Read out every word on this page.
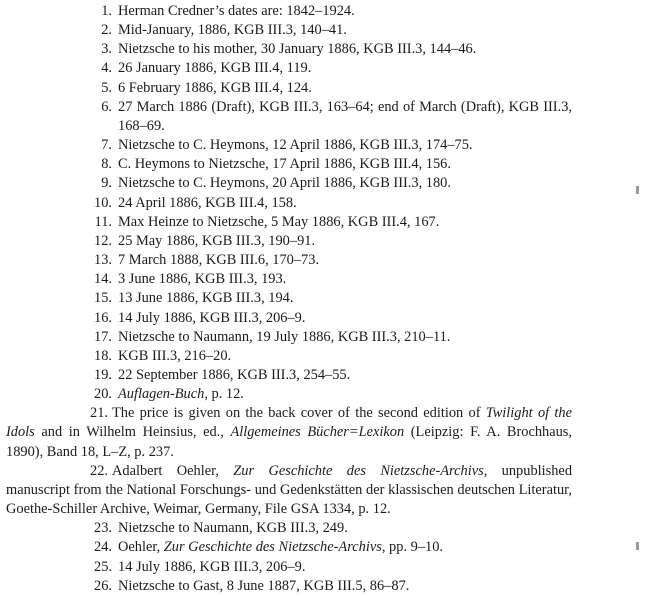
1. Herman Credner’s dates are: 1842–1924.

2. Mid-January, 1886, KGB III.3, 140–41.

3. Nietzsche to his mother, 30 January 1886, KGB III.3, 144–46.

4. 26 January 1886, KGB III.4, 119.

5. 6 February 1886, KGB III.4, 124.

6. 27 March 1886 (Draft), KGB III.3, 163–64; end of March (Draft), KGB III.3, 168–69.

7. Nietzsche to C. Heymons, 12 April 1886, KGB III.3, 174–75.

8. C. Heymons to Nietzsche, 17 April 1886, KGB III.4, 156.

9. Nietzsche to C. Heymons, 20 April 1886, KGB III.3, 180.

10. 24 April 1886, KGB III.4, 158.

11. Max Heinze to Nietzsche, 5 May 1886, KGB III.4, 167.

12. 25 May 1886, KGB III.3, 190–91.

13. 7 March 1888, KGB III.6, 170–73.

14. 3 June 1886, KGB III.3, 193.

15. 13 June 1886, KGB III.3, 194.

16. 14 July 1886, KGB III.3, 206–9.

17. Nietzsche to Naumann, 19 July 1886, KGB III.3, 210–11.

18. KGB III.3, 216–20.

19. 22 September 1886, KGB III.3, 254–55.

20. Auflagen-Buch, p. 12.

21. The price is given on the back cover of the second edition of Twilight of the Idols and in Wilhelm Heinsius, ed., Allgemeines Bücher=Lexikon (Leipzig: F. A. Brochhaus, 1890), Band 18, L–Z, p. 237.

22. Adalbert Oehler, Zur Geschichte des Nietzsche-Archivs, unpublished manuscript from the National Forschungs- und Gedenkstätten der klassischen deutschen Literatur, Goethe-Schiller Archive, Weimar, Germany, File GSA 1334, p. 12.

23. Nietzsche to Naumann, KGB III.3, 249.

24. Oehler, Zur Geschichte des Nietzsche-Archivs, pp. 9–10.

25. 14 July 1886, KGB III.3, 206–9.

26. Nietzsche to Gast, 8 June 1887, KGB III.5, 86–87.
